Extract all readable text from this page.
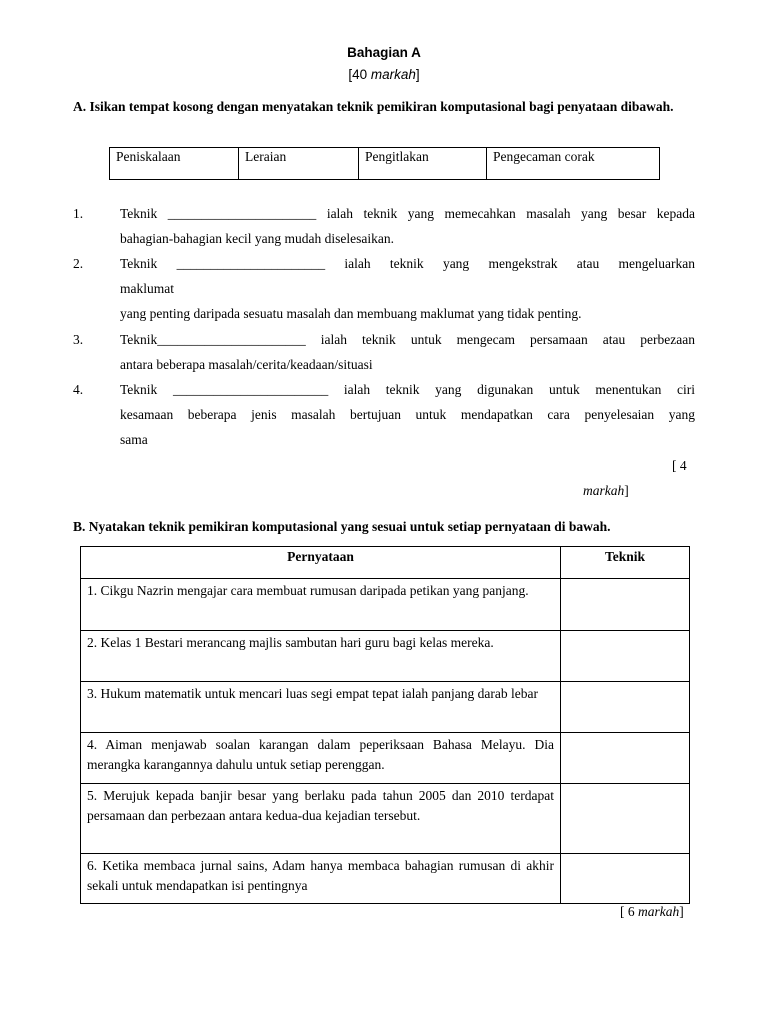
Bahagian A
[40 markah]
A. Isikan tempat kosong dengan menyatakan teknik pemikiran komputasional bagi penyataan dibawah.
Peniskalaan	Leraian	Pengitlakan	Pengecaman corak
1.	Teknik ______________________ ialah teknik yang memecahkan masalah yang besar kepada
bahagian-bahagian kecil yang mudah diselesaikan.
2.	Teknik ______________________ ialah teknik yang mengekstrak atau mengeluarkan
maklumat
yang penting daripada sesuatu masalah dan membuang maklumat yang tidak penting.
3.	Teknik______________________ ialah teknik untuk mengecam persamaan atau perbezaan
antara beberapa masalah/cerita/keadaan/situasi
4.	Teknik _______________________ ialah teknik yang digunakan untuk menentukan ciri
kesamaan beberapa jenis masalah bertujuan untuk mendapatkan cara penyelesaian yang
sama
[ 4
markah]
B. Nyatakan teknik pemikiran komputasional yang sesuai untuk setiap pernyataan di bawah.
Pernyataan	Teknik
1. Cikgu Nazrin mengajar cara membuat rumusan daripada petikan yang panjang.	
2. Kelas 1 Bestari merancang majlis sambutan hari guru bagi kelas mereka.	
3. Hukum matematik untuk mencari luas segi empat tepat ialah panjang darab lebar	
4. Aiman menjawab soalan karangan dalam peperiksaan Bahasa Melayu. Dia merangka karangannya dahulu untuk setiap perenggan.	
5. Merujuk kepada banjir besar yang berlaku pada tahun 2005 dan 2010 terdapat persamaan dan perbezaan antara kedua-dua kejadian tersebut.	
6. Ketika membaca jurnal sains, Adam hanya membaca bahagian rumusan di akhir sekali untuk mendapatkan isi pentingnya	
[ 6 markah]
